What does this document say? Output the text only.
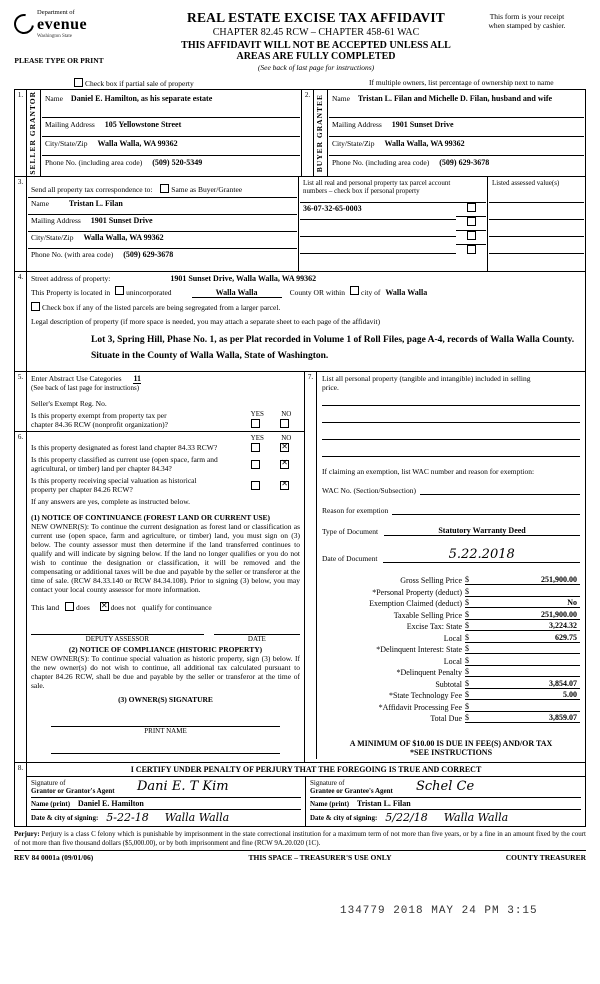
Department of
evenue
Washington State
REAL ESTATE EXCISE TAX AFFIDAVIT
CHAPTER 82.45 RCW – CHAPTER 458-61 WAC
THIS AFFIDAVIT WILL NOT BE ACCEPTED UNLESS ALL AREAS ARE FULLY COMPLETED
(See back of last page for instructions)
This form is your receipt
when stamped by cashier.
PLEASE TYPE OR PRINT
Check box if partial sale of property	If multiple owners, list percentage of ownership next to name
1.	SELLER GRANTOR
	Name Daniel E. Hamilton, as his separate estate
Mailing Address 105 Yellowstone Street
City/State/Zip Walla Walla, WA 99362
Phone No. (including area code) (509) 520-5349
	2.	BUYER GRANTEE
	Name Tristan L. Filan and Michelle D. Filan, husband and wife
Mailing Address 1901 Sunset Drive
City/State/Zip Walla Walla, WA 99362
Phone No. (including area code) (509) 629-3678
3.	
Send all property tax correspondence to:	Same as Buyer/Grantee
Name	Tristan L. Filan
Mailing Address 1901 Sunset Drive
City/State/Zip Walla Walla, WA 99362
Phone No. (with area code) (509) 629-3678

List all real and personal property tax parcel account
numbers – check box if personal property
36-07-32-65-0003

Listed assessed value(s)
4.	Street address of property:	1901 Sunset Drive, Walla Walla, WA 99362
This Property is located in unincorporated	Walla Walla	County OR within city of Walla Walla
Check box if any of the listed parcels are being segregated from a larger parcel.
Legal description of property (if more space is needed, you may attach a separate sheet to each page of the affidavit)
Lot 3, Spring Hill, Phase No. 1, as per Plat recorded in Volume 1 of Roll Files, page A-4, records of Walla Walla County.
Situate in the County of Walla Walla, State of Washington.
5.	Enter Abstract Use Categories 11
(See back of last page for instructions)
Seller's Exempt Reg. No.
Is this property exempt from property tax per
chapter 84.36 RCW (nonprofit organization)?
YES NO
6.	YES NO
Is this property designated as forest land chapter 84.33 RCW?
✕
Is this property classified as current use (open space, farm and
agricultural, or timber) land per chapter 84.34?
✕
Is this property receiving special valuation as historical
property per chapter 84.26 RCW?
✕
If any answers are yes, complete as instructed below.
(1) NOTICE OF CONTINUANCE (FOREST LAND OR CURRENT USE)
NEW OWNER(S): To continue the current designation as forest land or classification as current use (open space, farm and agriculture, or timber) land, you must sign on (3) below. The county assessor must then determine if the land transferred continues to qualify and will indicate by signing below. If the land no longer qualifies or you do not wish to continue the designation or classification, it will be removed and the compensating or additional taxes will be due and payable by the seller or transferor at the time of sale. (RCW 84.33.140 or RCW 84.34.108). Prior to signing (3) below, you may contact your local county assessor for more information.
This land does ✕	does not qualify for continuance
DEPUTY ASSESSOR	DATE
(2) NOTICE OF COMPLIANCE (HISTORIC PROPERTY)
NEW OWNER(S): To continue special valuation as historic property, sign (3) below. If the new owner(s) do not wish to continue, all additional tax calculated pursuant to chapter 84.26 RCW, shall be due and payable by the seller or transferor at the time of sale.
(3) OWNER(S) SIGNATURE
PRINT NAME

7.	List all personal property (tangible and intangible) included in selling
price.
If claiming an exemption, list WAC number and reason for exemption:
WAC No. (Section/Subsection)
Reason for exemption
Type of Document	Statutory Warranty Deed
Date of Document	5.22.2018
Gross Selling Price $	251,900.00
*Personal Property (deduct) $
Exemption Claimed (deduct) $	No
Taxable Selling Price $	251,900.00
Excise Tax: State $	3,224.32
Local $	629.75
*Delinquent Interest: State $
Local $
*Delinquent Penalty $
Subtotal $	3,854.07
*State Technology Fee $	5.00
*Affidavit Processing Fee $
Total Due $	3,859.07
A MINIMUM OF $10.00 IS DUE IN FEE(S) AND/OR TAX
*SEE INSTRUCTIONS
8.	I CERTIFY UNDER PENALTY OF PERJURY THAT THE FOREGOING IS TRUE AND CORRECT
Signature of
Grantor or Grantor's Agent	Dani E. T Kim
Name (print) Daniel E. Hamilton
Date & city of signing: 5-22-18 Walla Walla
Signature of
Grantee or Grantee's Agent	Schel Ce
Name (print) Tristan L. Filan
Date & city of signing: 5/22/18 Walla Walla
Perjury: Perjury is a class C felony which is punishable by imprisonment in the state correctional institution for a maximum term of not more than five years, or by a fine in an amount fixed by the court of not more than five thousand dollars ($5,000.00), or by both imprisonment and fine (RCW 9A.20.020 (1C).
REV 84 0001a (09/01/06)	THIS SPACE – TREASURER'S USE ONLY	COUNTY TREASURER
134779 2018 MAY 24 PM 3:15
